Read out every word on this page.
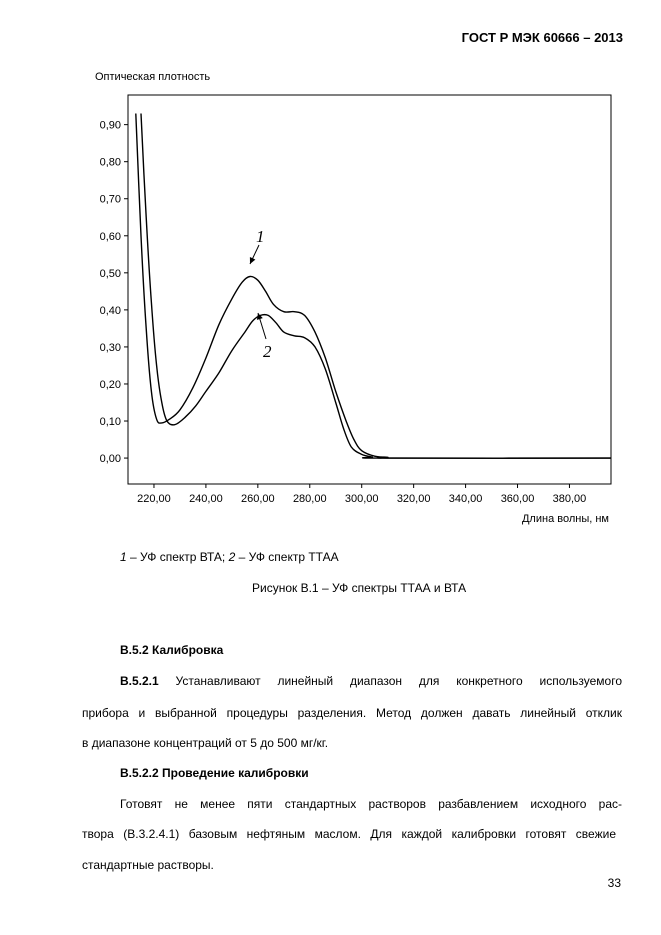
ГОСТ Р МЭК 60666 – 2013
Оптическая плотность
0,00
0,10
0,20
0,30
0,40
0,50
0,60
0,70
0,80
0,90
220,00 240,00 260,00 280,00 300,00 320,00 340,00 360,00 380,00
1
2
Длина волны, нм
1 – УФ спектр ВТА; 2 – УФ спектр ТТАА
Рисунок В.1 – УФ спектры ТТАА и ВТА
В.5.2 Калибровка
В.5.2.1 Устанавливают линейный диапазон для конкретного используемого
прибора и выбранной процедуры разделения. Метод должен давать линейный отклик
в диапазоне концентраций от 5 до 500 мг/кг.
В.5.2.2 Проведение калибровки
Готовят не менее пяти стандартных растворов разбавлением исходного рас-
твора (В.3.2.4.1) базовым нефтяным маслом. Для каждой калибровки готовят свежие
стандартные растворы.
33
